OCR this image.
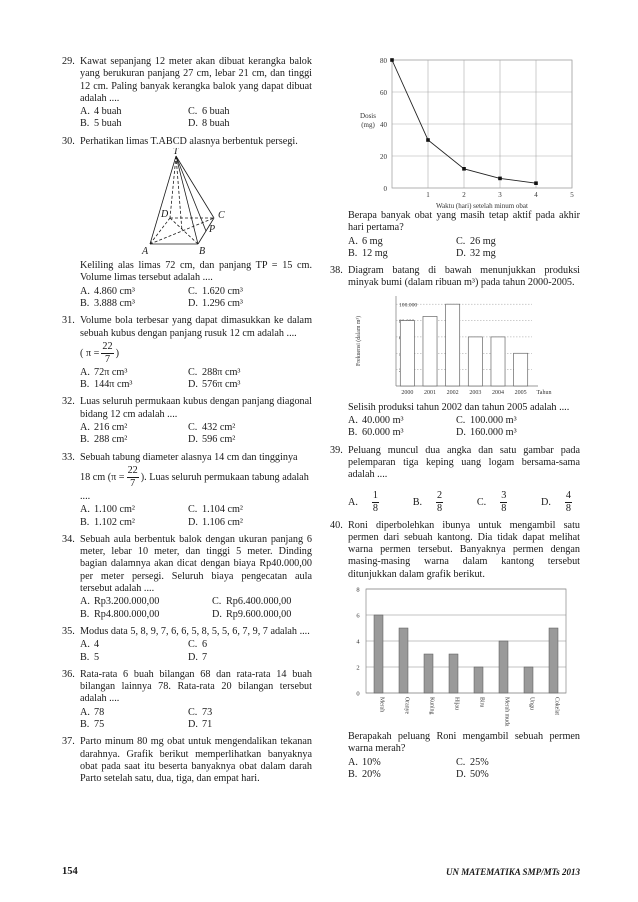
29. Kawat sepanjang 12 meter akan dibuat kerangka balok yang berukuran panjang 27 cm, lebar 21 cm, dan tinggi 12 cm. Paling banyak kerangka balok yang dapat dibuat adalah ....
A. 4 buah	C. 6 buah
B. 5 buah	D. 8 buah
30. Perhatikan limas T.ABCD alasnya berbentuk persegi.
T
D	C
P
A	B
Keliling alas limas 72 cm, dan panjang TP = 15 cm. Volume limas tersebut adalah ....
A. 4.860 cm³	C. 1.620 cm³
B. 3.888 cm³	D. 1.296 cm³
31. Volume bola terbesar yang dapat dimasukkan ke dalam sebuah kubus dengan panjang rusuk 12 cm adalah ....
( $\pi = \frac{22}{7}$ )
A. 72π cm³	C. 288π cm³
B. 144π cm³	D. 576π cm³
32. Luas seluruh permukaan kubus dengan panjang diagonal bidang 12 cm adalah ....
A. 216 cm²	C. 432 cm²
B. 288 cm²	D. 596 cm²
33. Sebuah tabung diameter alasnya 14 cm dan tingginya
18 cm ($\pi = \frac{22}{7}$ ). Luas seluruh permukaan tabung adalah
....
A. 1.100 cm²	C. 1.104 cm²
B. 1.102 cm²	D. 1.106 cm²
34. Sebuah aula berbentuk balok dengan ukuran panjang 6 meter, lebar 10 meter, dan tinggi 5 meter. Dinding bagian dalamnya akan dicat dengan biaya Rp40.000,00 per meter persegi. Seluruh biaya pengecatan aula tersebut adalah ....
A. Rp3.200.000,00	C. Rp6.400.000,00
B. Rp4.800.000,00	D. Rp9.600.000,00
35. Modus data 5, 8, 9, 7, 6, 6, 5, 8, 5, 5, 6, 7, 9, 7 adalah ....
A. 4	C. 6
B. 5	D. 7
36. Rata-rata 6 buah bilangan 68 dan rata-rata 14 buah bilangan lainnya 78. Rata-rata 20 bilangan tersebut adalah ....
A. 78	C. 73
B. 75	D. 71
37. Parto minum 80 mg obat untuk mengendalikan tekanan darahnya. Grafik berikut memperlihatkan banyaknya obat pada saat itu beserta banyaknya obat dalam darah Parto setelah satu, dua, tiga, dan empat hari.
0
20
40
60
80
1	2	3	4	5
Dosis (mg)
Waktu (hari) setelah minum obat
Berapa banyak obat yang masih tetap aktif pada akhir hari pertama?
A. 6 mg	C. 26 mg
B. 12 mg	D. 32 mg
38. Diagram batang di bawah menunjukkan produksi minyak bumi (dalam ribuan m³) pada tahun 2000-2005.
100.000
2000 2001 2002 2003 2004 2005 Tahun
Frekuensi (dalam m³)
Selisih produksi tahun 2002 dan tahun 2005 adalah ....
A. 40.000 m³	C. 100.000 m³
B. 60.000 m³	D. 160.000 m³
39. Peluang muncul dua angka dan satu gambar pada pelemparan tiga keping uang logam bersama-sama adalah ....
A. $\frac{1}{8}$	B. $\frac{2}{8}$	C. $\frac{3}{8}$	D. $\frac{4}{8}$
40. Roni diperbolehkan ibunya untuk mengambil satu permen dari sebuah kantong. Dia tidak dapat melihat warna permen tersebut. Banyaknya permen dengan masing-masing warna dalam kantong tersebut ditunjukkan dalam grafik berikut.
0
2
4
6
8
Merah	Oranye	Kuning	Hijau	Biru	Merah muda	Ungu	Cokelat
Berapakah peluang Roni mengambil sebuah permen warna merah?
A. 10%	C. 25%
B. 20%	D. 50%
154	UN MATEMATIKA SMP/MTs 2013
